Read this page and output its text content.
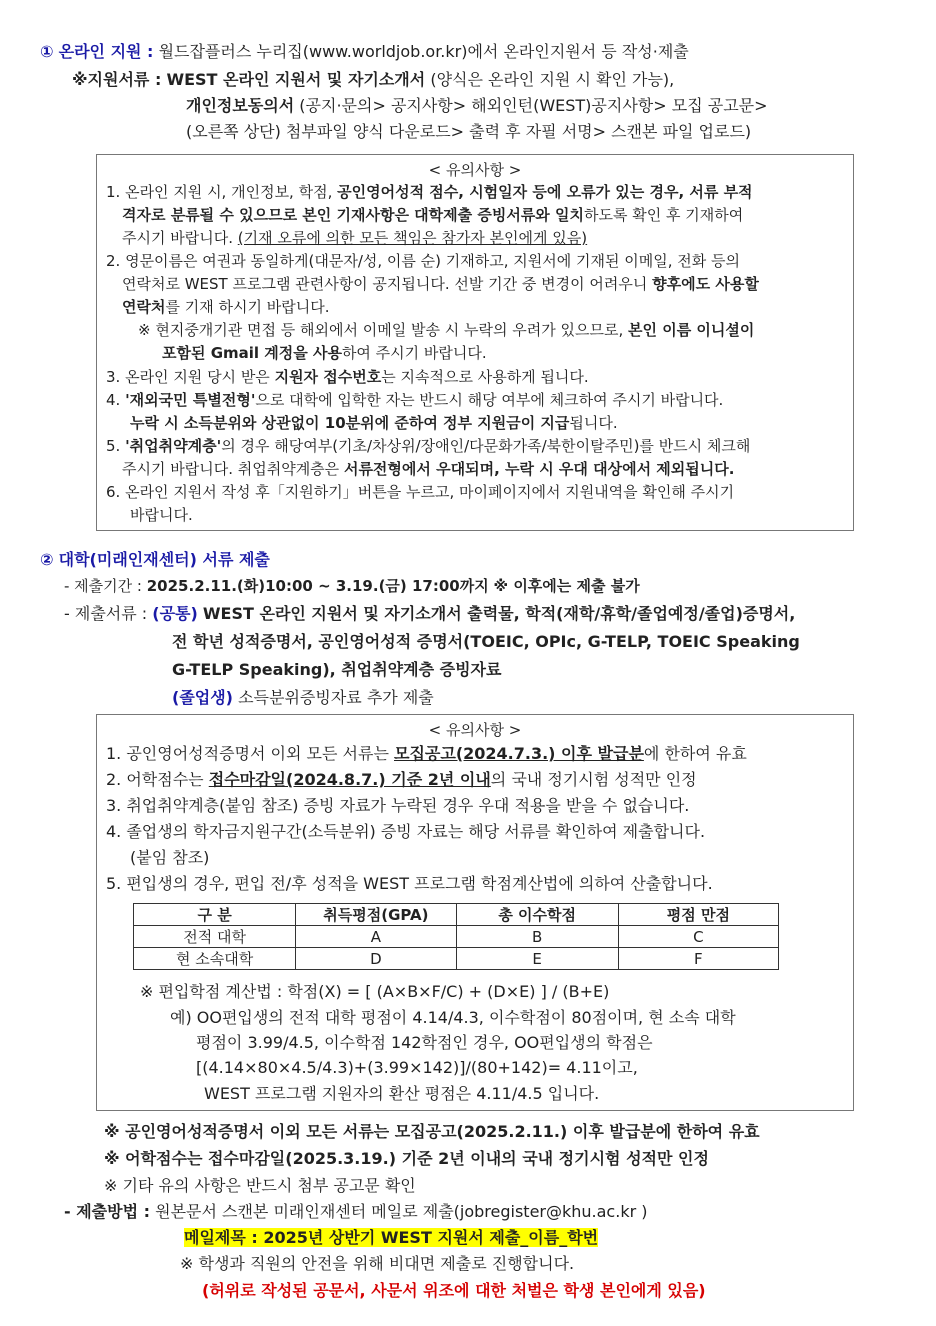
① 온라인 지원 : 월드잡플러스 누리집(www.worldjob.or.kr)에서 온라인지원서 등 작성·제출
※지원서류 : WEST 온라인 지원서 및 자기소개서 (양식은 온라인 지원 시 확인 가능),
개인정보동의서 (공지·문의> 공지사항> 해외인턴(WEST)공지사항> 모집 공고문>
(오른쪽 상단) 첨부파일 양식 다운로드> 출력 후 자필 서명> 스캔본 파일 업로드)
< 유의사항 >
1. 온라인 지원 시, 개인정보, 학점, 공인영어성적 점수, 시험일자 등에 오류가 있는 경우, 서류 부적
격자로 분류될 수 있으므로 본인 기재사항은 대학제출 증빙서류와 일치하도록 확인 후 기재하여
주시기 바랍니다. (기재 오류에 의한 모든 책임은 참가자 본인에게 있음)
2. 영문이름은 여권과 동일하게(대문자/성, 이름 순) 기재하고, 지원서에 기재된 이메일, 전화 등의
연락처로 WEST 프로그램 관련사항이 공지됩니다. 선발 기간 중 변경이 어려우니 향후에도 사용할
연락처를 기재 하시기 바랍니다.
※ 현지중개기관 면접 등 해외에서 이메일 발송 시 누락의 우려가 있으므로, 본인 이름 이니셜이
포함된 Gmail 계정을 사용하여 주시기 바랍니다.
3. 온라인 지원 당시 받은 지원자 접수번호는 지속적으로 사용하게 됩니다.
4. '재외국민 특별전형'으로 대학에 입학한 자는 반드시 해당 여부에 체크하여 주시기 바랍니다.
누락 시 소득분위와 상관없이 10분위에 준하여 정부 지원금이 지급됩니다.
5. '취업취약계층'의 경우 해당여부(기초/차상위/장애인/다문화가족/북한이탈주민)를 반드시 체크해
주시기 바랍니다. 취업취약계층은 서류전형에서 우대되며, 누락 시 우대 대상에서 제외됩니다.
6. 온라인 지원서 작성 후「지원하기」버튼을 누르고, 마이페이지에서 지원내역을 확인해 주시기
바랍니다.
② 대학(미래인재센터) 서류 제출
- 제출기간 : 2025.2.11.(화)10:00 ~ 3.19.(금) 17:00까지 ※ 이후에는 제출 불가
- 제출서류 : (공통) WEST 온라인 지원서 및 자기소개서 출력물, 학적(재학/휴학/졸업예정/졸업)증명서,
전 학년 성적증명서, 공인영어성적 증명서(TOEIC, OPIc, G-TELP, TOEIC Speaking
G-TELP Speaking), 취업취약계층 증빙자료
(졸업생) 소득분위증빙자료 추가 제출
< 유의사항 >
1. 공인영어성적증명서 이외 모든 서류는 모집공고(2024.7.3.) 이후 발급분에 한하여 유효
2. 어학점수는 접수마감일(2024.8.7.) 기준 2년 이내의 국내 정기시험 성적만 인정
3. 취업취약계층(붙임 참조) 증빙 자료가 누락된 경우 우대 적용을 받을 수 없습니다.
4. 졸업생의 학자금지원구간(소득분위) 증빙 자료는 해당 서류를 확인하여 제출합니다.
(붙임 참조)
5. 편입생의 경우, 편입 전/후 성적을 WEST 프로그램 학점계산법에 의하여 산출합니다.
구 분	취득평점(GPA)	총 이수학점	평점 만점
전적 대학	A	B	C
현 소속대학	D	E	F
※ 편입학점 계산법 : 학점(X) = [ (A×B×F/C) + (D×E) ] / (B+E)
예) OO편입생의 전적 대학 평점이 4.14/4.3, 이수학점이 80점이며, 현 소속 대학
평점이 3.99/4.5, 이수학점 142학점인 경우, OO편입생의 학점은
[(4.14×80×4.5/4.3)+(3.99×142)]/(80+142)= 4.11이고,
WEST 프로그램 지원자의 환산 평점은 4.11/4.5 입니다.
※ 공인영어성적증명서 이외 모든 서류는 모집공고(2025.2.11.) 이후 발급분에 한하여 유효
※ 어학점수는 접수마감일(2025.3.19.) 기준 2년 이내의 국내 정기시험 성적만 인정
※ 기타 유의 사항은 반드시 첨부 공고문 확인
- 제출방법 : 원본문서 스캔본 미래인재센터 메일로 제출(jobregister@khu.ac.kr )
메일제목 : 2025년 상반기 WEST 지원서 제출_이름_학번
※ 학생과 직원의 안전을 위해 비대면 제출로 진행합니다.
(허위로 작성된 공문서, 사문서 위조에 대한 처벌은 학생 본인에게 있음)
